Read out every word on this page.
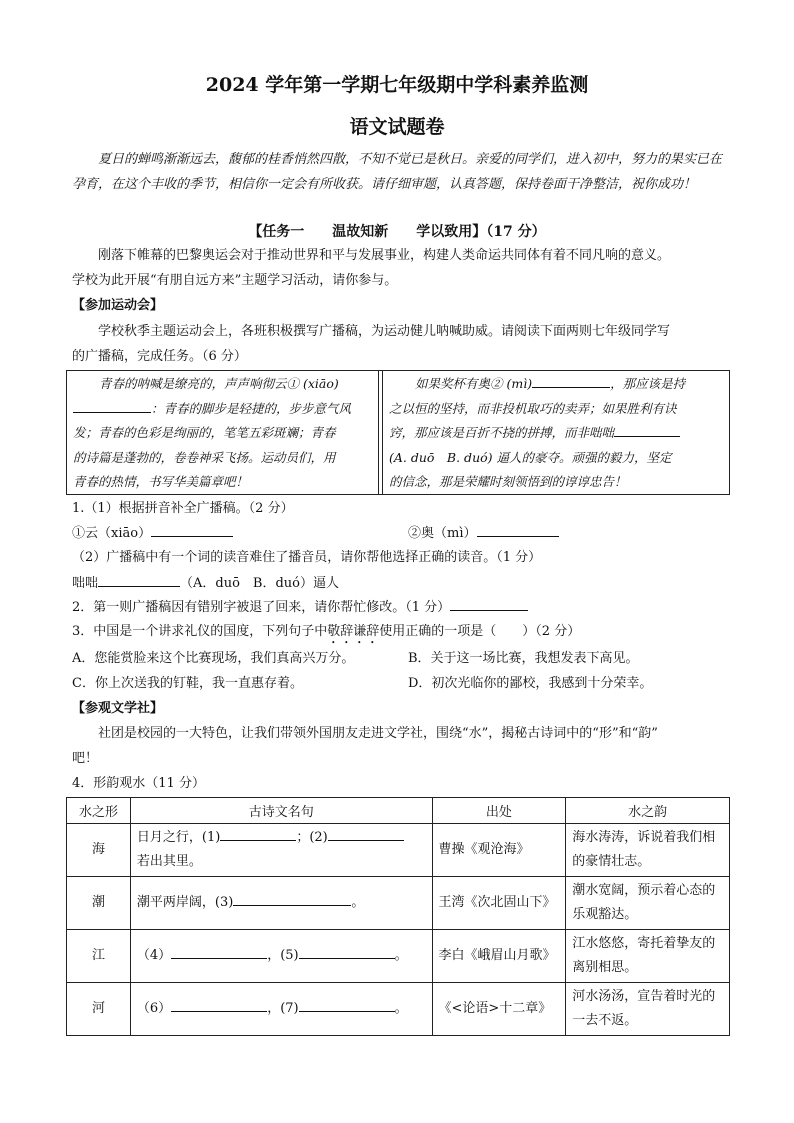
2024 学年第一学期七年级期中学科素养监测
语文试题卷
夏日的蝉鸣渐渐远去，馥郁的桂香悄然四散，不知不觉已是秋日。亲爱的同学们，进入初中，努力的果实已在孕育，在这个丰收的季节，相信你一定会有所收获。请仔细审题，认真答题，保持卷面干净整洁，祝你成功！
【任务一　　温故知新　　学以致用】（17 分）
刚落下帷幕的巴黎奥运会对于推动世界和平与发展事业，构建人类命运共同体有着不同凡响的意义。
学校为此开展“有朋自远方来”主题学习活动，请你参与。
【参加运动会】
学校秋季主题运动会上，各班积极撰写广播稿，为运动健儿呐喊助威。请阅读下面两则七年级同学写
的广播稿，完成任务。（6 分）
青春的呐喊是缭亮的，声声响彻云① (xiāo)
：青春的脚步是轻捷的，步步意气风
发；青春的色彩是绚丽的，笔笔五彩斑斓；青春
的诗篇是蓬勃的，卷卷神采飞扬。运动员们，用
青春的热情，书写华美篇章吧！
如果奖杯有奥② (mì)	，那应该是持
之以恒的坚持，而非投机取巧的卖弄；如果胜利有诀
窍，那应该是百折不挠的拼搏，而非咄咄
(A. duō　B. duó) 逼人的豪夺。顽强的毅力，坚定
的信念，那是荣耀时刻领悟到的谆谆忠告！
1.（1）根据拼音补全广播稿。（2 分）
①云（xiāo）	②奥（mì）
（2）广播稿中有一个词的读音难住了播音员，请你帮他选择正确的读音。（1 分）
咄咄	（A．duō　B．duó）逼人
2．第一则广播稿因有错别字被退了回来，请你帮忙修改。（1 分）
3．中国是一个讲求礼仪的国度，下列句子中敬辞谦辞使用正确的一项是（　　）（2 分）
A．您能赏脸来这个比赛现场，我们真高兴万分。	B．关于这一场比赛，我想发表下高见。
C．你上次送我的钉鞋，我一直惠存着。	D．初次光临你的鄙校，我感到十分荣幸。
【参观文学社】
社团是校园的一大特色，让我们带领外国朋友走进文学社，围绕“水”，揭秘古诗词中的“形”和“韵”
吧！
4．形韵观水（11 分）
水之形	古诗文名句	出处	水之韵
海	日月之行，(1) ；(2)
若出其里。	曹操《观沧海》	海水涛涛，诉说着我们相的豪情壮志。
潮	潮平两岸阔，(3) 。	王湾《次北固山下》	潮水宽阔，预示着心态的乐观豁达。
江	（4） ，(5) 。	李白《峨眉山月歌》	江水悠悠，寄托着挚友的离别相思。
河	（6） ，(7) 。	《<论语>十二章》	河水汤汤，宣告着时光的一去不返。
